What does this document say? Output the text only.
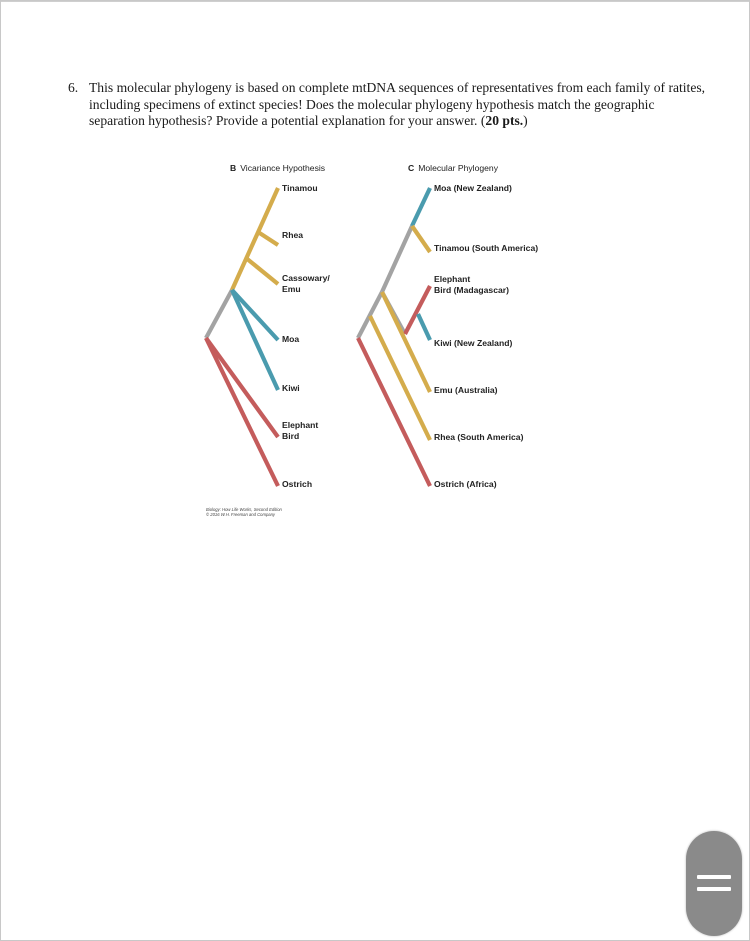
6. This molecular phylogeny is based on complete mtDNA sequences of representatives from each family of ratites, including specimens of extinct species! Does the molecular phylogeny hypothesis match the geographic separation hypothesis? Provide a potential explanation for your answer. (20 pts.)
B Vicariance Hypothesis	C Molecular Phylogeny
Tinamou
Rhea
Cassowary/
Emu
Moa
Kiwi
Elephant
Bird
Ostrich
Moa (New Zealand)
Tinamou (South America)
Elephant
Bird (Madagascar)
Kiwi (New Zealand)
Emu (Australia)
Rhea (South America)
Ostrich (Africa)
Biology: How Life Works, Second Edition
© 2016 W.H. Freeman and Company
